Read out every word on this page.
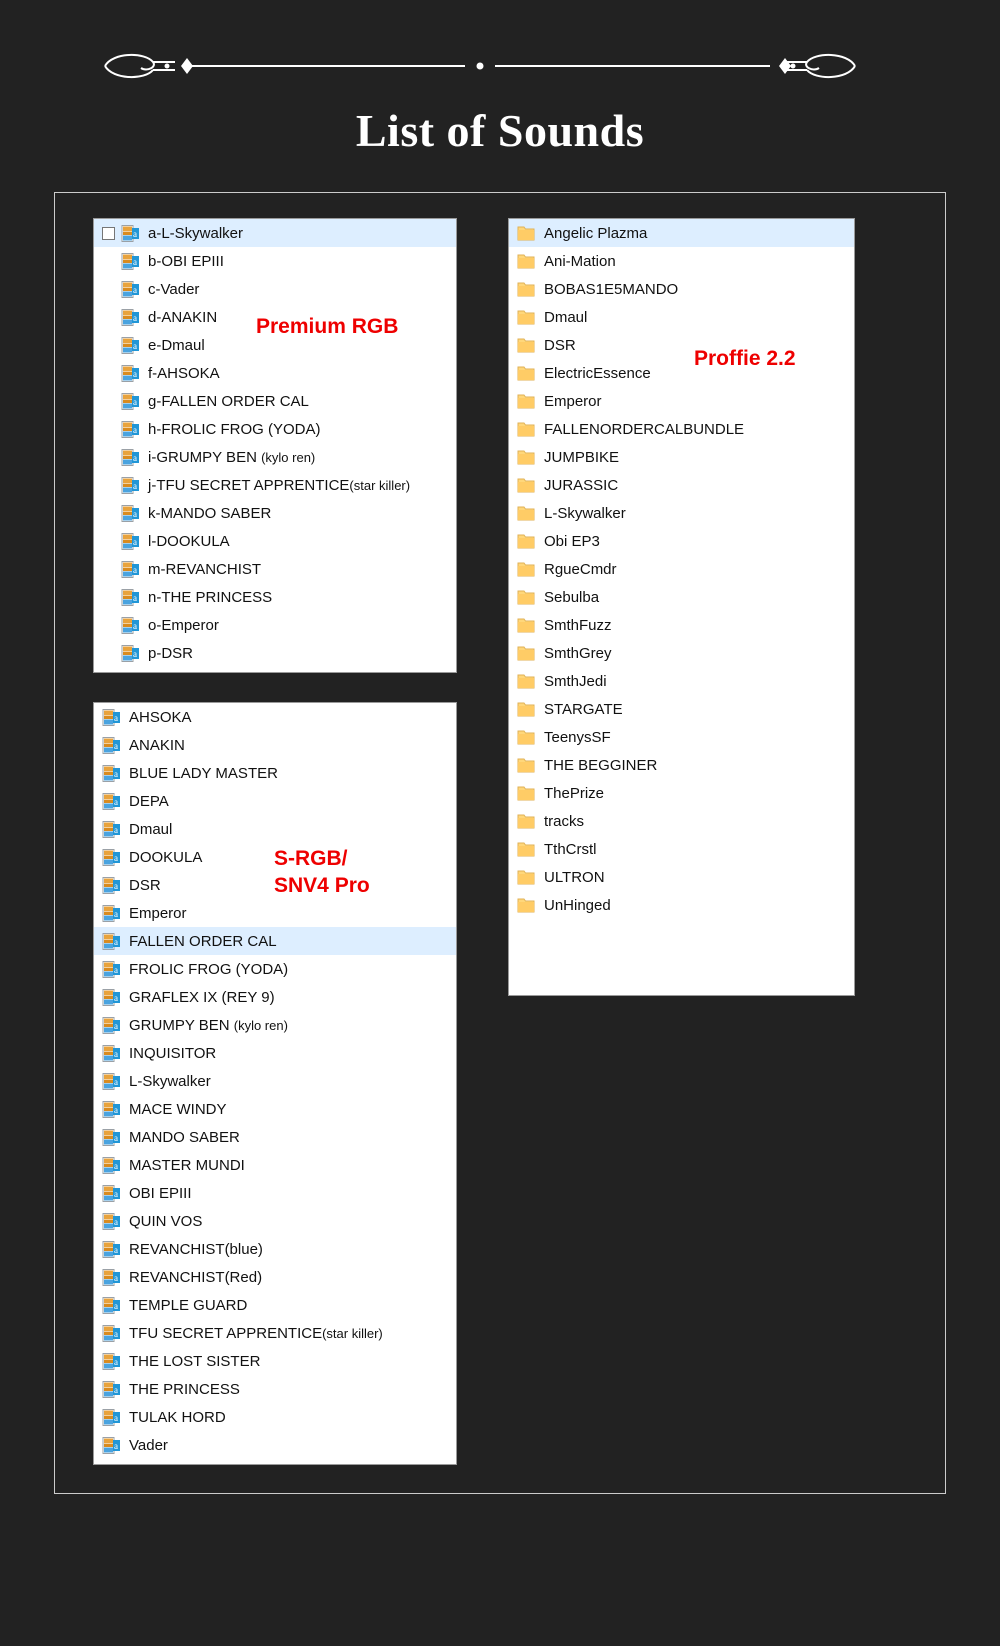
List of Sounds
a a-L-Skywalker
a b-OBI EPIII
a c-Vader
a d-ANAKIN
a e-Dmaul
a f-AHSOKA
a g-FALLEN ORDER CAL
a h-FROLIC FROG (YODA)
a i-GRUMPY BEN (kylo ren)
a j-TFU SECRET APPRENTICE(star killer)
a k-MANDO SABER
a l-DOOKULA
a m-REVANCHIST
a n-THE PRINCESS
a o-Emperor
a p-DSR
a AHSOKA
a ANAKIN
a BLUE LADY MASTER
a DEPA
a Dmaul
a DOOKULA
a DSR
a Emperor
a FALLEN ORDER CAL
a FROLIC FROG (YODA)
a GRAFLEX IX (REY 9)
a GRUMPY BEN (kylo ren)
a INQUISITOR
a L-Skywalker
a MACE WINDY
a MANDO SABER
a MASTER MUNDI
a OBI EPIII
a QUIN VOS
a REVANCHIST(blue)
a REVANCHIST(Red)
a TEMPLE GUARD
a TFU SECRET APPRENTICE(star killer)
a THE LOST SISTER
a THE PRINCESS
a TULAK HORD
a Vader
Angelic Plazma
Ani-Mation
BOBAS1E5MANDO
Dmaul
DSR
ElectricEssence
Emperor
FALLENORDERCALBUNDLE
JUMPBIKE
JURASSIC
L-Skywalker
Obi EP3
RgueCmdr
Sebulba
SmthFuzz
SmthGrey
SmthJedi
STARGATE
TeenysSF
THE BEGGINER
ThePrize
tracks
TthCrstl
ULTRON
UnHinged
Premium RGB
S-RGB/
SNV4 Pro
Proffie 2.2
